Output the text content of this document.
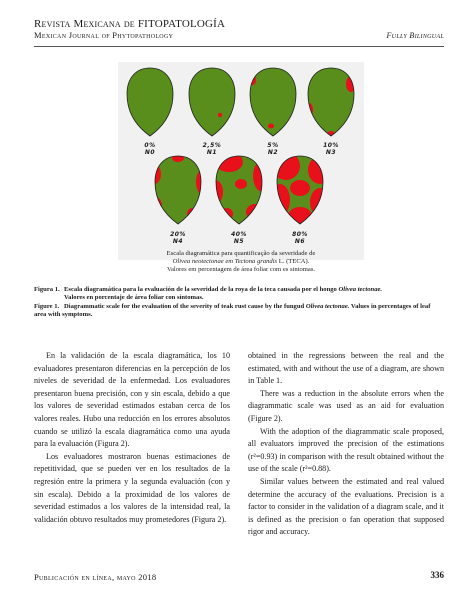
Revista Mexicana de FITOPATOLOGÍA
Mexican Journal of Phytopathology	Fully Bilingual
0%
N0
2,5%
N1
5%
N2
10%
N3
20%
N4
40%
N5
80%
N6
Escala diagramática para quantificação da severidade de
Olivea neotectonae em Tectona grandis L. (TECA).
Valores em percentagem de área foliar com es sintomas.

Figura 1. Escala diagramática para la evaluación de la severidad de la roya de la teca causada por el hongo Olivea tectonae.
Valores en porcentaje de área foliar con síntomas.

Figure 1. Diagrammatic scale for the evaluation of the severity of teak rust cause by the fungud Olivea tectonae. Values in percentages of leaf area with symptoms.

En la validación de la escala diagramática, los 10 evaluadores presentaron diferencias en la percepción de los niveles de severidad de la enfermedad. Los evaluadores presentaron buena precisión, con y sin escala, debido a que los valores de severidad estimados estaban cerca de los valores reales. Hubo una reducción en los errores absolutos cuando se utilizó la escala diagramática como una ayuda para la evaluación (Figura 2).

Los evaluadores mostraron buenas estimaciones de repetitividad, que se pueden ver en los resultados de la regresión entre la primera y la segunda evaluación (con y sin escala). Debido a la proximidad de los valores de severidad estimados a los valores de la intensidad real, la validación obtuvo resultados muy prometedores (Figura 2).

obtained in the regressions between the real and the estimated, with and without the use of a diagram, are shown in Table 1.

There was a reduction in the absolute errors when the diagrammatic scale was used as an aid for evaluation (Figure 2).

With the adoption of the diagrammatic scale proposed, all evaluators improved the precision of the estimations (r²=0.93) in comparison with the result obtained without the use of the scale (r²=0.88).

Similar values between the estimated and real valued determine the accuracy of the evaluations. Precision is a factor to consider in the validation of a diagram scale, and it is defined as the precision o fan operation that supposed rigor and accuracy.

Publicación en línea, mayo 2018	336
